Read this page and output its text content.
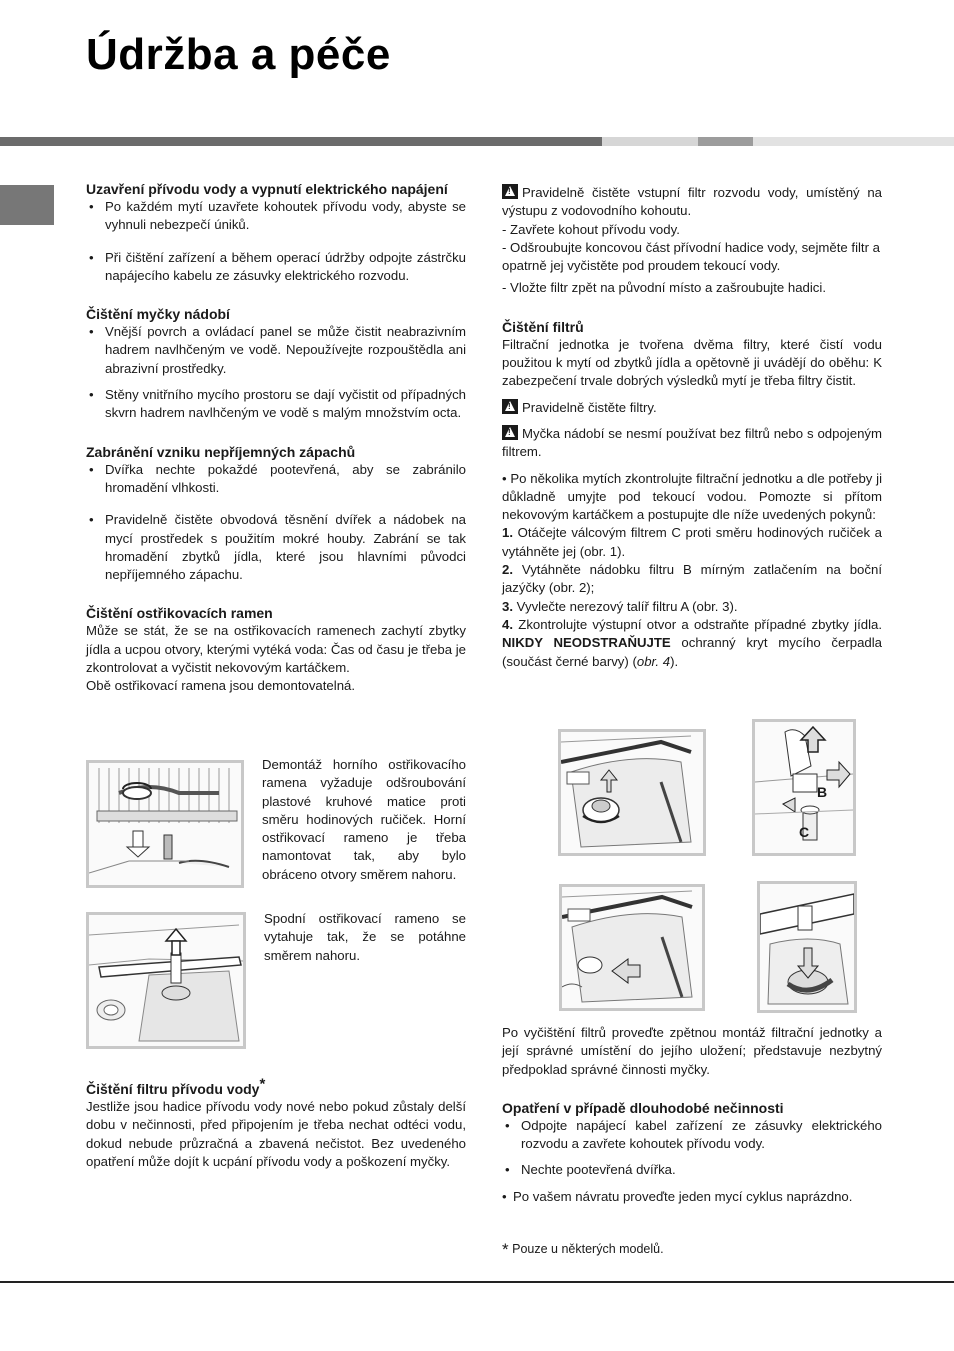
Údržba a péče

Uzavření přívodu vody a vypnutí elektrického napájení

• Po každém mytí uzavřete kohoutek přívodu vody, abyste se vyhnuli nebezpečí úniků.
• Při čištění zařízení a během operací údržby odpojte zástrčku napájecího kabelu ze zásuvky elektrického rozvodu.

Čištění myčky nádobí

• Vnější povrch a ovládací panel se může čistit neabrazivním hadrem navlhčeným ve vodě. Nepoužívejte rozpouštědla ani abrazivní prostředky.
• Stěny vnitřního mycího prostoru se dají vyčistit od případných skvrn hadrem navlhčeným ve vodě s malým množstvím octa.

Zabránění vzniku nepříjemných zápachů

• Dvířka nechte pokaždé pootevřená, aby se zabránilo hromadění vlhkosti.
• Pravidelně čistěte obvodová těsnění dvířek a nádobek na mycí prostředek s použitím mokré houby. Zabrání se tak hromadění zbytků jídla, které jsou hlavními původci nepříjemného zápachu.

Čištění ostřikovacích ramen

Může se stát, že se na ostřikovacích ramenech zachytí zbytky jídla a ucpou otvory, kterými vytéká voda: Čas od času je třeba je zkontrolovat a vyčistit nekovovým kartáčkem.

Obě ostřikovací ramena jsou demontovatelná.

Demontáž horního ostřikovacího ramena vyžaduje odšroubování plastové kruhové matice proti směru hodinových ručiček. Horní ostřikovací rameno je třeba namontovat tak, aby bylo obráceno otvory směrem nahoru.
Spodní ostřikovací rameno se vytahuje tak, že se potáhne směrem nahoru.

Čištění filtru přívodu vody*

Jestliže jsou hadice přívodu vody nové nebo pokud zůstaly delší dobu v nečinnosti, před připojením je třeba nechat odtéci vodu, dokud nebude průzračná a zbavená nečistot. Bez uvedeného opatření může dojít k ucpání přívodu vody a poškození myčky.

!Pravidelně čistěte vstupní filtr rozvodu vody, umístěný na výstupu z vodovodního kohoutu.

- Zavřete kohout přívodu vody.

- Odšroubujte koncovou část přívodní hadice vody, sejměte filtr a opatrně jej vyčistěte pod proudem tekoucí vody.

- Vložte filtr zpět na původní místo a zašroubujte hadici.

Čištění filtrů

Filtrační jednotka je tvořena dvěma filtry, které čistí vodu použitou k mytí od zbytků jídla a opětovně ji uvádějí do oběhu: K zabezpečení trvale dobrých výsledků mytí je třeba filtry čistit.

!Pravidelně čistěte filtry.

!Myčka nádobí se nesmí používat bez filtrů nebo s odpojeným filtrem.

• Po několika mytích zkontrolujte filtrační jednotku a dle potřeby ji důkladně umyjte pod tekoucí vodou. Pomozte si přítom nekovovým kartáčkem a postupujte dle níže uvedených pokynů:

1. Otáčejte válcovým filtrem C proti směru hodinových ručiček a vytáhněte jej (obr. 1).

2. Vytáhněte nádobku filtru B mírným zatlačením na boční jazýčky (obr. 2);

3. Vyvlečte nerezový talíř filtru A (obr. 3).

4. Zkontrolujte výstupní otvor a odstraňte případné zbytky jídla. NIKDY NEODSTRAŇUJTE ochranný kryt mycího čerpadla (součást černé barvy) (obr. 4).

B
C

Po vyčištění filtrů proveďte zpětnou montáž filtrační jednotky a její správné umístění do jejího uložení; představuje nezbytný předpoklad správné činnosti myčky.

Opatření v případě dlouhodobé nečinnosti

• Odpojte napájecí kabel zařízení ze zásuvky elektrického rozvodu a zavřete kohoutek přívodu vody.
• Nechte pootevřená dvířka.
• Po vašem návratu proveďte jeden mycí cyklus naprázdno.
* Pouze u některých modelů.
